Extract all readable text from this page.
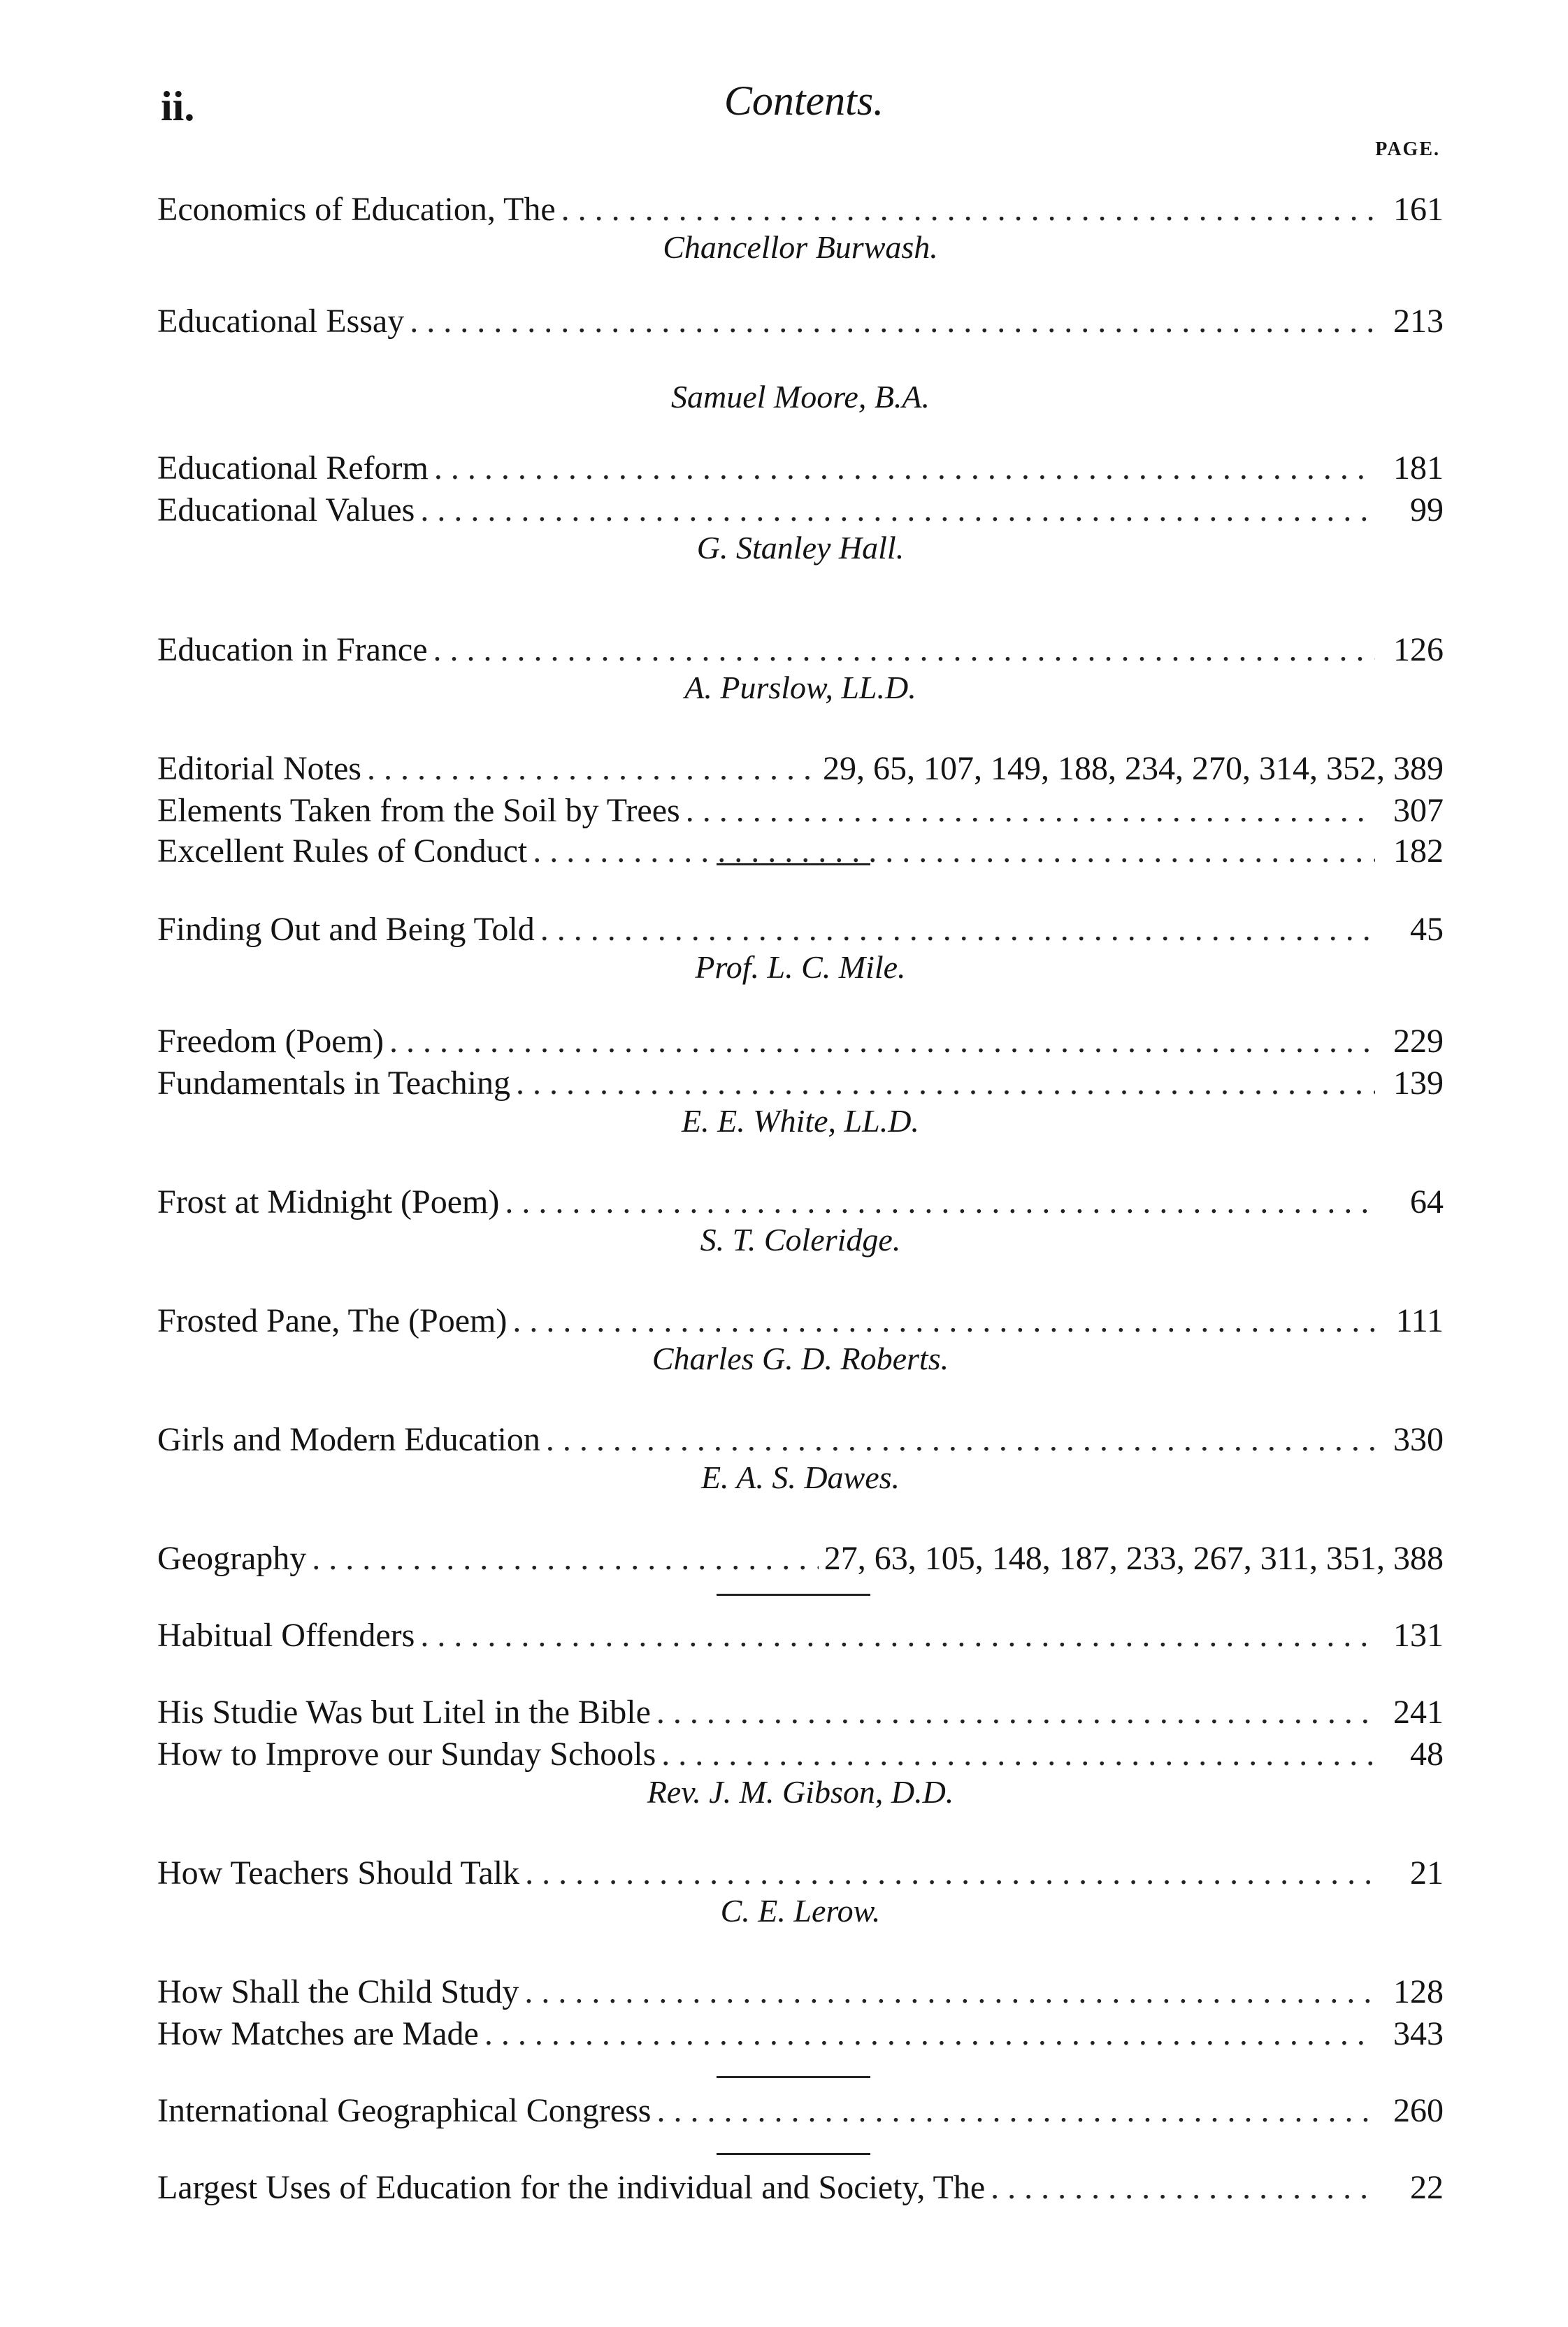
ii.	Contents.
PAGE.
Economics of Education, The . . .	161
Chancellor Burwash.
Educational Essay . . .	213
Samuel Moore, B.A.
Educational Reform . . .	181
Educational Values . . .	99
G. Stanley Hall.
Education in France . . .	126
A. Purslow, LL.D.
Editorial Notes . . .	29, 65, 107, 149, 188, 234, 270, 314, 352, 389
Elements Taken from the Soil by Trees . . .	307
Excellent Rules of Conduct . . .	182
Finding Out and Being Told . . .	45
Prof. L. C. Mile.
Freedom (Poem) . . .	229
Fundamentals in Teaching . . .	139
E. E. White, LL.D.
Frost at Midnight (Poem) . . .	64
S. T. Coleridge.
Frosted Pane, The (Poem) . . .	111
Charles G. D. Roberts.
Girls and Modern Education . . .	330
E. A. S. Dawes.
Geography . . .	27, 63, 105, 148, 187, 233, 267, 311, 351, 388
Habitual Offenders . . .	131
His Studie Was but Litel in the Bible . . .	241
How to Improve our Sunday Schools . . .	48
Rev. J. M. Gibson, D.D.
How Teachers Should Talk . . .	21
C. E. Lerow.
How Shall the Child Study . . .	128
How Matches are Made . . .	343
International Geographical Congress . . .	260
Largest Uses of Education for the individual and Society, The . . .	22
